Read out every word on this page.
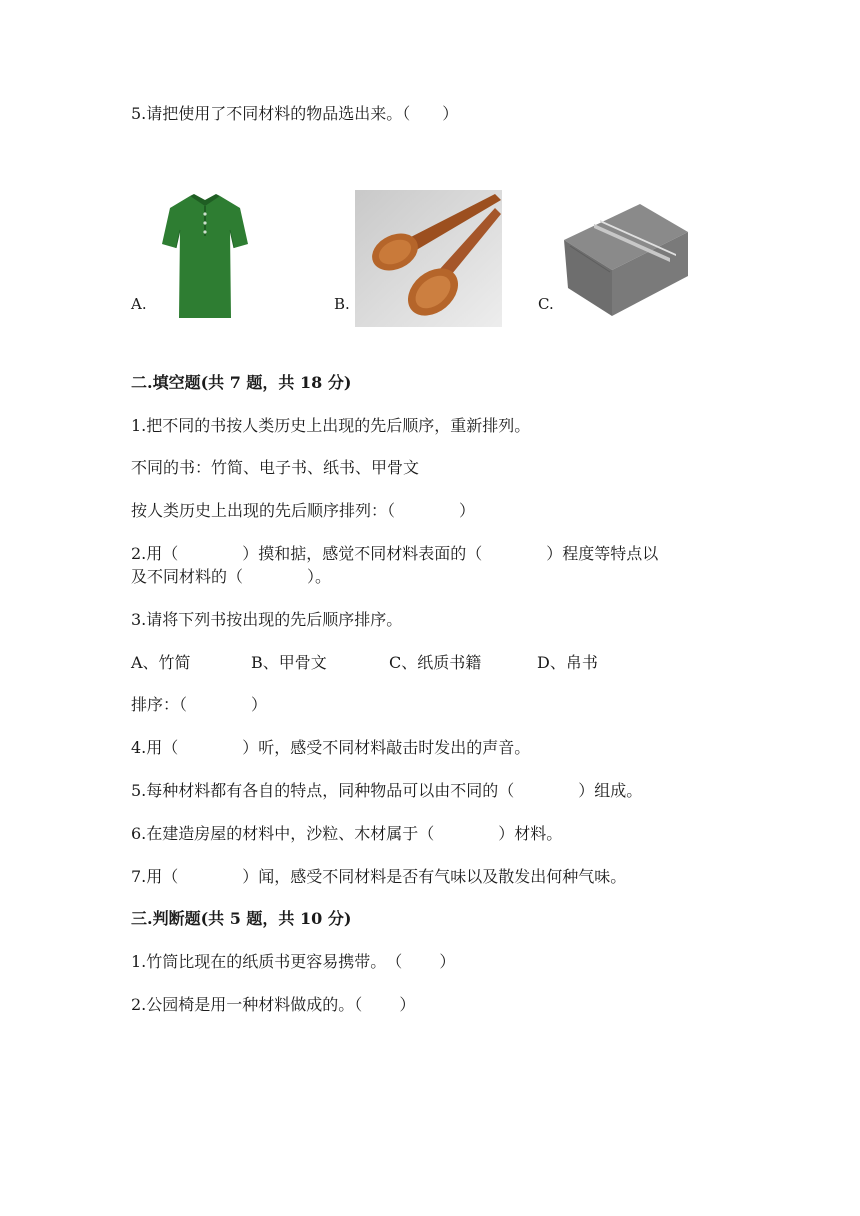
5.请把使用了不同材料的物品选出来。（　　）
A.	B.	C.
二.填空题(共 7 题，共 18 分)
1.把不同的书按人类历史上出现的先后顺序，重新排列。
不同的书：竹简、电子书、纸书、甲骨文
按人类历史上出现的先后顺序排列：（　　　　）
2.用（　　　　）摸和掂，感觉不同材料表面的（　　　　）程度等特点以
及不同材料的（　　　　）。
3.请将下列书按出现的先后顺序排序。

A、竹简

	B、甲骨文

	C、纸质书籍

	D、帛书

排序：（　　　　）
4.用（　　　　）听，感受不同材料敲击时发出的声音。
5.每种材料都有各自的特点，同种物品可以由不同的（　　　　）组成。
6.在建造房屋的材料中，沙粒、木材属于（　　　　）材料。
7.用（　　　　）闻，感受不同材料是否有气味以及散发出何种气味。
三.判断题(共 5 题，共 10 分)
1.竹筒比现在的纸质书更容易携带。　（　　 ）
2.公园椅是用一种材料做成的。（　　 ）
